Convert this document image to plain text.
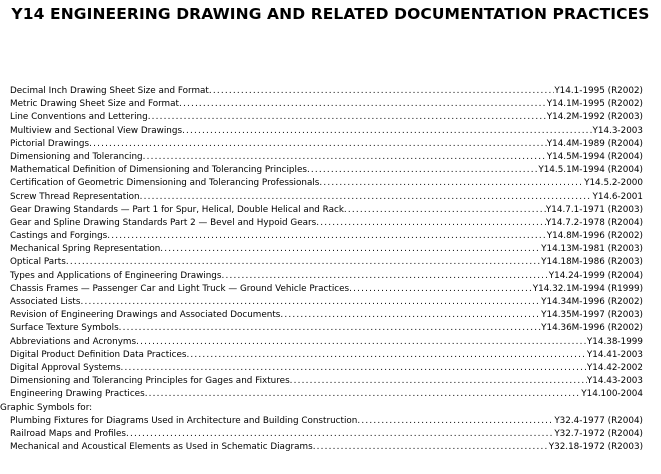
Y14 ENGINEERING DRAWING AND RELATED DOCUMENTATION PRACTICES
Decimal Inch Drawing Sheet Size and Format .....	Y14.1-1995 (R2002)
Metric Drawing Sheet Size and Format .....	Y14.1M-1995 (R2002)
Line Conventions and Lettering .....	Y14.2M-1992 (R2003)
Multiview and Sectional View Drawings .....	Y14.3-2003
Pictorial Drawings .....	Y14.4M-1989 (R2004)
Dimensioning and Tolerancing .....	Y14.5M-1994 (R2004)
Mathematical Definition of Dimensioning and Tolerancing Principles .....	Y14.5.1M-1994 (R2004)
Certification of Geometric Dimensioning and Tolerancing Professionals .....	Y14.5.2-2000
Screw Thread Representation .....	Y14.6-2001
Gear Drawing Standards — Part 1 for Spur, Helical, Double Helical and Rack .....	Y14.7.1-1971 (R2003)
Gear and Spline Drawing Standards Part 2 — Bevel and Hypoid Gears .....	Y14.7.2-1978 (R2004)
Castings and Forgings .....	Y14.8M-1996 (R2002)
Mechanical Spring Representation .....	Y14.13M-1981 (R2003)
Optical Parts .....	Y14.18M-1986 (R2003)
Types and Applications of Engineering Drawings .....	Y14.24-1999 (R2004)
Chassis Frames — Passenger Car and Light Truck — Ground Vehicle Practices .....	Y14.32.1M-1994 (R1999)
Associated Lists .....	Y14.34M-1996 (R2002)
Revision of Engineering Drawings and Associated Documents .....	Y14.35M-1997 (R2003)
Surface Texture Symbols .....	Y14.36M-1996 (R2002)
Abbreviations and Acronyms .....	Y14.38-1999
Digital Product Definition Data Practices .....	Y14.41-2003
Digital Approval Systems .....	Y14.42-2002
Dimensioning and Tolerancing Principles for Gages and Fixtures .....	Y14.43-2003
Engineering Drawing Practices .....	Y14.100-2004
Graphic Symbols for:
Plumbing Fixtures for Diagrams Used in Architecture and Building Construction .....	Y32.4-1977 (R2004)
Railroad Maps and Profiles .....	Y32.7-1972 (R2004)
Mechanical and Acoustical Elements as Used in Schematic Diagrams .....	Y32.18-1972 (R2003)
